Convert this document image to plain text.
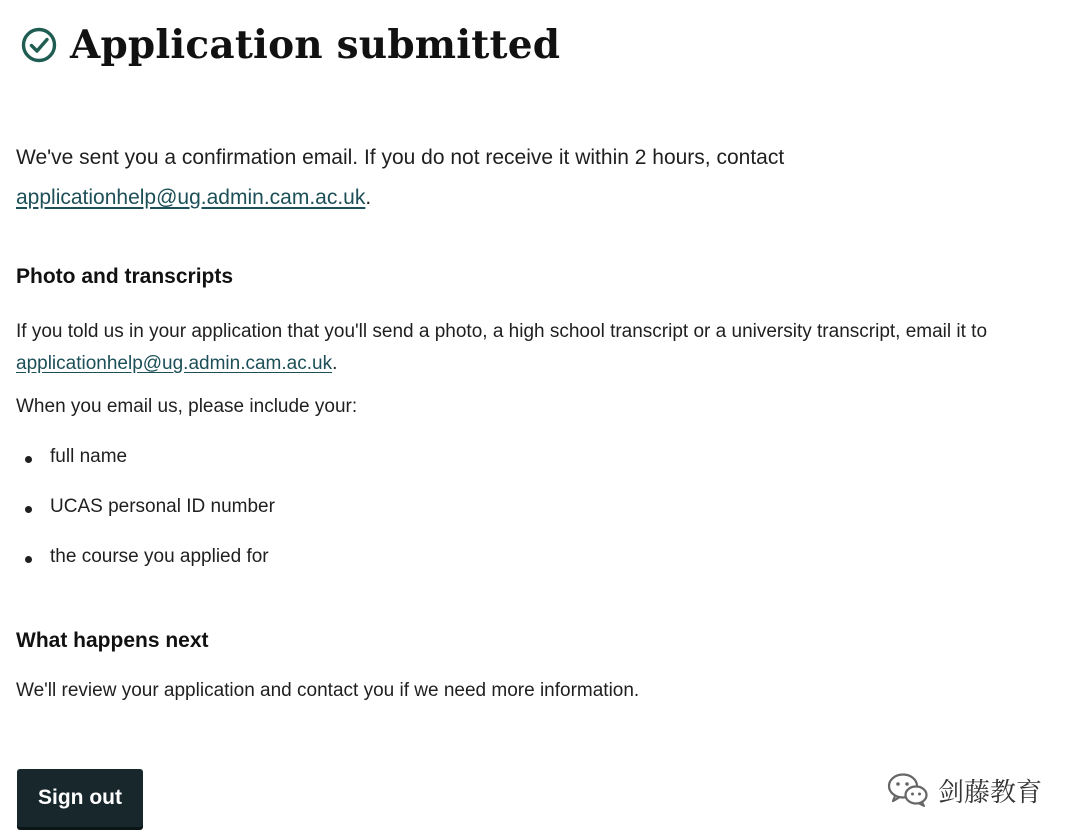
Application submitted

We've sent you a confirmation email. If you do not receive it within 2 hours, contact
applicationhelp@ug.admin.cam.ac.uk.

Photo and transcripts

If you told us in your application that you'll send a photo, a high school transcript or a university transcript, email it to
applicationhelp@ug.admin.cam.ac.uk.

When you email us, please include your:

full name
UCAS personal ID number
the course you applied for
What happens next

We'll review your application and contact you if we need more information.

Sign out	剑藤教育
